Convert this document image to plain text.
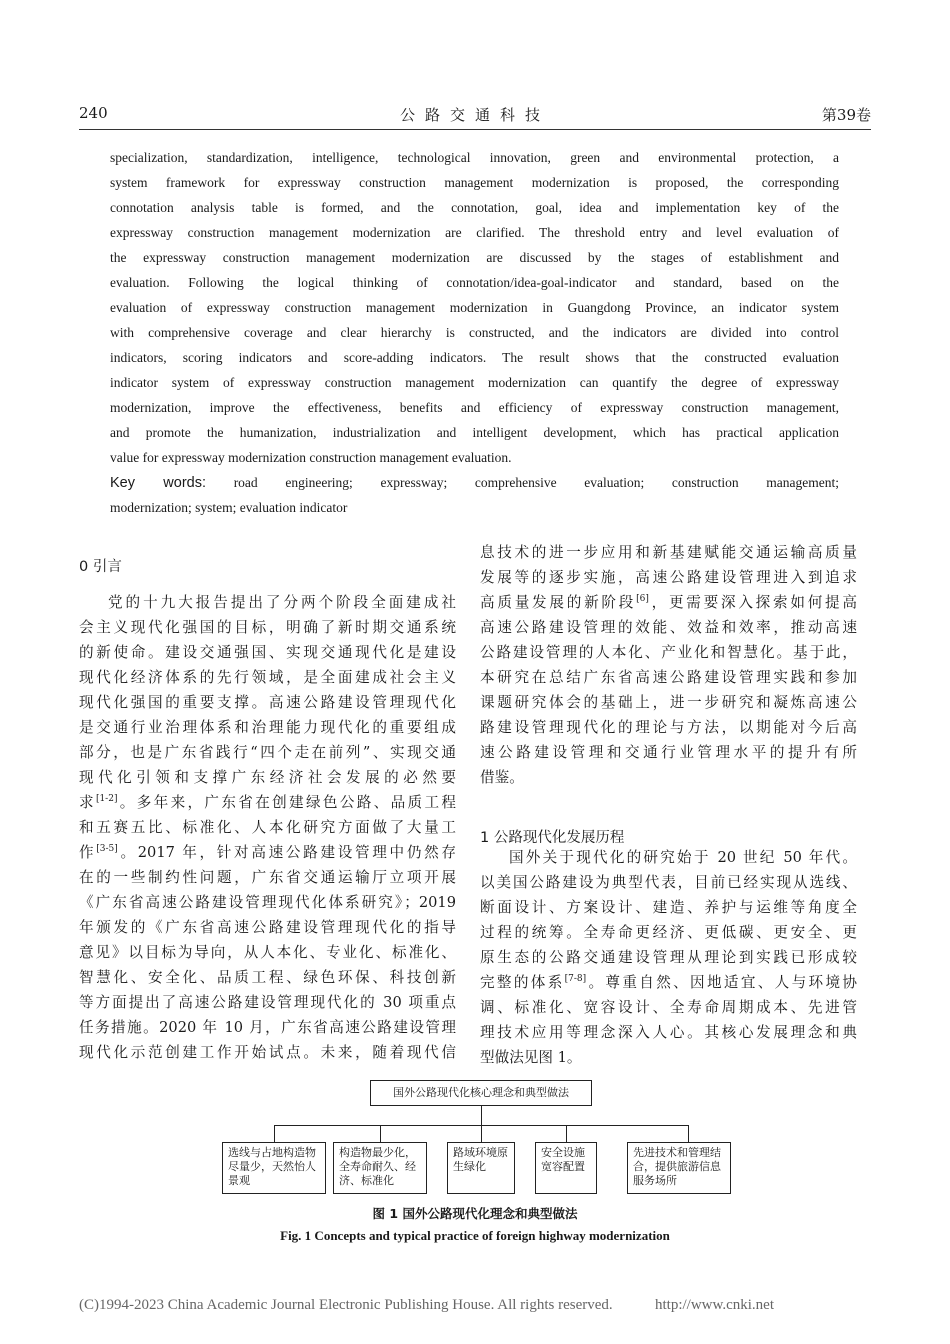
240	公路交通科技	第39卷
specialization, standardization, intelligence, technological innovation, green and environmental protection, a
system framework for expressway construction management modernization is proposed, the corresponding
connotation analysis table is formed, and the connotation, goal, idea and implementation key of the
expressway construction management modernization are clarified. The threshold entry and level evaluation of
the expressway construction management modernization are discussed by the stages of establishment and
evaluation. Following the logical thinking of connotation/idea-goal-indicator and standard, based on the
evaluation of expressway construction management modernization in Guangdong Province, an indicator system
with comprehensive coverage and clear hierarchy is constructed, and the indicators are divided into control
indicators, scoring indicators and score-adding indicators. The result shows that the constructed evaluation
indicator system of expressway construction management modernization can quantify the degree of expressway
modernization, improve the effectiveness, benefits and efficiency of expressway construction management,
and promote the humanization, industrialization and intelligent development, which has practical application
value for expressway modernization construction management evaluation.
Key words: road engineering; expressway; comprehensive evaluation; construction management;
modernization; system; evaluation indicator
0 引言
党的十九大报告提出了分两个阶段全面建成社
会主义现代化强国的目标，明确了新时期交通系统
的新使命。建设交通强国、实现交通现代化是建设
现代化经济体系的先行领域，是全面建成社会主义
现代化强国的重要支撑。高速公路建设管理现代化
是交通行业治理体系和治理能力现代化的重要组成
部分，也是广东省践行“四个走在前列”、实现交通
现代化引领和支撑广东经济社会发展的必然要
求[1-2]。多年来，广东省在创建绿色公路、品质工程
和五赛五比、标准化、人本化研究方面做了大量工
作[3-5]。2017 年，针对高速公路建设管理中仍然存
在的一些制约性问题，广东省交通运输厅立项开展
《广东省高速公路建设管理现代化体系研究》；2019
年颁发的《广东省高速公路建设管理现代化的指导
意见》以目标为导向，从人本化、专业化、标准化、
智慧化、安全化、品质工程、绿色环保、科技创新
等方面提出了高速公路建设管理现代化的 30 项重点
任务措施。2020 年 10 月，广东省高速公路建设管理
现代化示范创建工作开始试点。未来，随着现代信
息技术的进一步应用和新基建赋能交通运输高质量
发展等的逐步实施，高速公路建设管理进入到追求
高质量发展的新阶段[6]，更需要深入探索如何提高
高速公路建设管理的效能、效益和效率，推动高速
公路建设管理的人本化、产业化和智慧化。基于此，
本研究在总结广东省高速公路建设管理实践和参加
课题研究体会的基础上，进一步研究和凝炼高速公
路建设管理现代化的理论与方法，以期能对今后高
速公路建设管理和交通行业管理水平的提升有所
借鉴。
1 公路现代化发展历程
国外关于现代化的研究始于 20 世纪 50 年代。
以美国公路建设为典型代表，目前已经实现从选线、
断面设计、方案设计、建造、养护与运维等角度全
过程的统筹。全寿命更经济、更低碳、更安全、更
原生态的公路交通建设管理从理论到实践已形成较
完整的体系[7-8]。尊重自然、因地适宜、人与环境协
调、标准化、宽容设计、全寿命周期成本、先进管
理技术应用等理念深入人心。其核心发展理念和典
型做法见图 1。
国外公路现代化核心理念和典型做法
选线与占地构造物尽量少，天然怡人景观
构造物最少化，全寿命耐久、经济、标准化
路域环境原生绿化
安全设施宽容配置
先进技术和管理结合，提供旅游信息服务场所
图 1 国外公路现代化理念和典型做法
Fig. 1 Concepts and typical practice of foreign highway modernization
(C)1994-2023 China Academic Journal Electronic Publishing House. All rights reserved.	http://www.cnki.net
